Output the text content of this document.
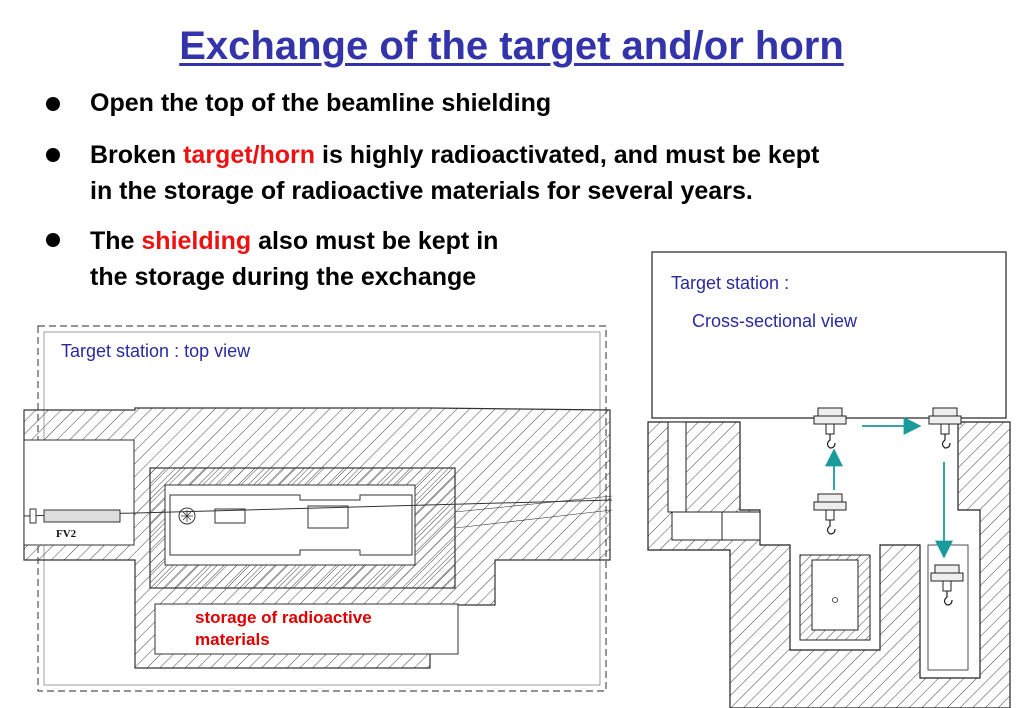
Exchange of the target and/or horn
Open the top of the beamline shielding
Broken target/horn is highly radioactivated, and must be kept
in the storage of radioactive materials for several years.
The shielding also must be kept in
the storage during the exchange
FV2
Target station : top view
storage of radioactive
materials
Target station :
Cross-sectional view
